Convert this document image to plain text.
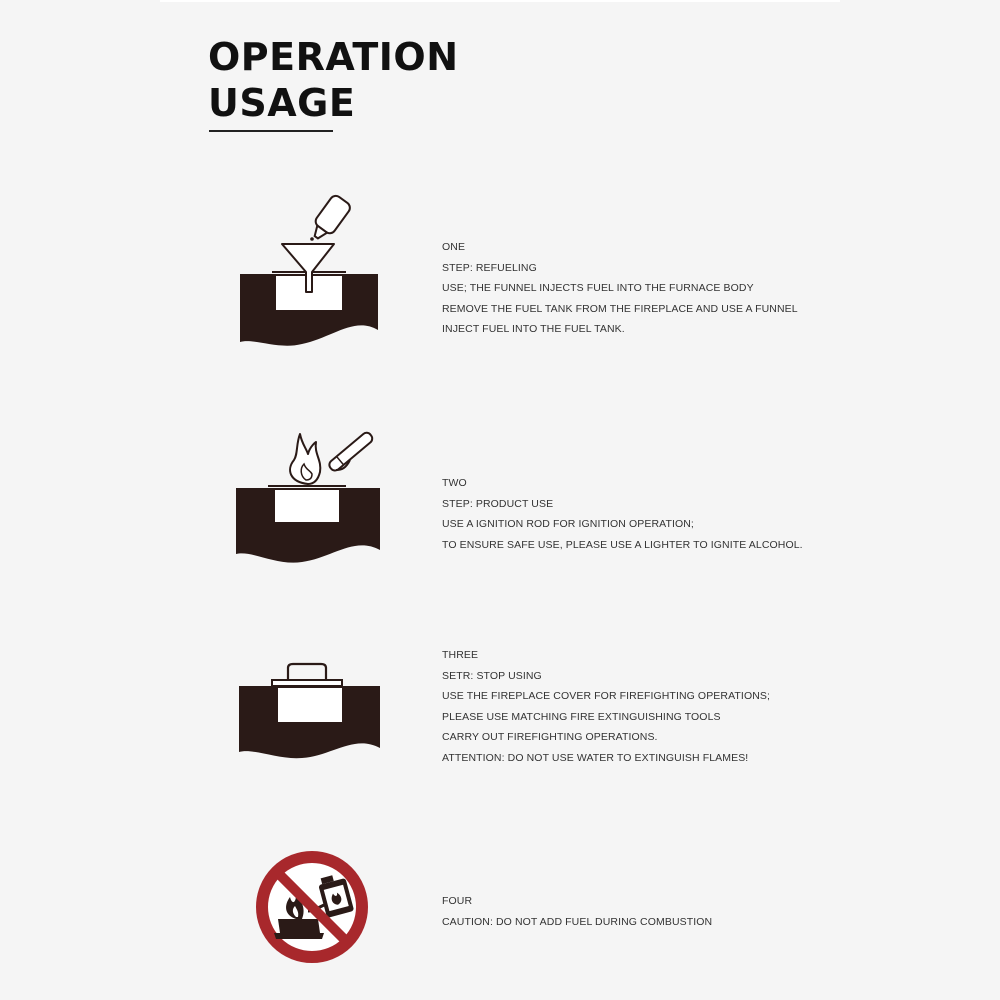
OPERATION
USAGE
ONE
STEP: REFUELING
USE; THE FUNNEL INJECTS FUEL INTO THE FURNACE BODY
REMOVE THE FUEL TANK FROM THE FIREPLACE AND USE A FUNNEL
INJECT FUEL INTO THE FUEL TANK.
TWO
STEP: PRODUCT USE
USE A IGNITION ROD FOR IGNITION OPERATION;
TO ENSURE SAFE USE, PLEASE USE A LIGHTER TO IGNITE ALCOHOL.
THREE
SETR: STOP USING
USE THE FIREPLACE COVER FOR FIREFIGHTING OPERATIONS;
PLEASE USE MATCHING FIRE EXTINGUISHING TOOLS
CARRY OUT FIREFIGHTING OPERATIONS.
ATTENTION: DO NOT USE WATER TO EXTINGUISH FLAMES!
FOUR
CAUTION: DO NOT ADD FUEL DURING COMBUSTION
